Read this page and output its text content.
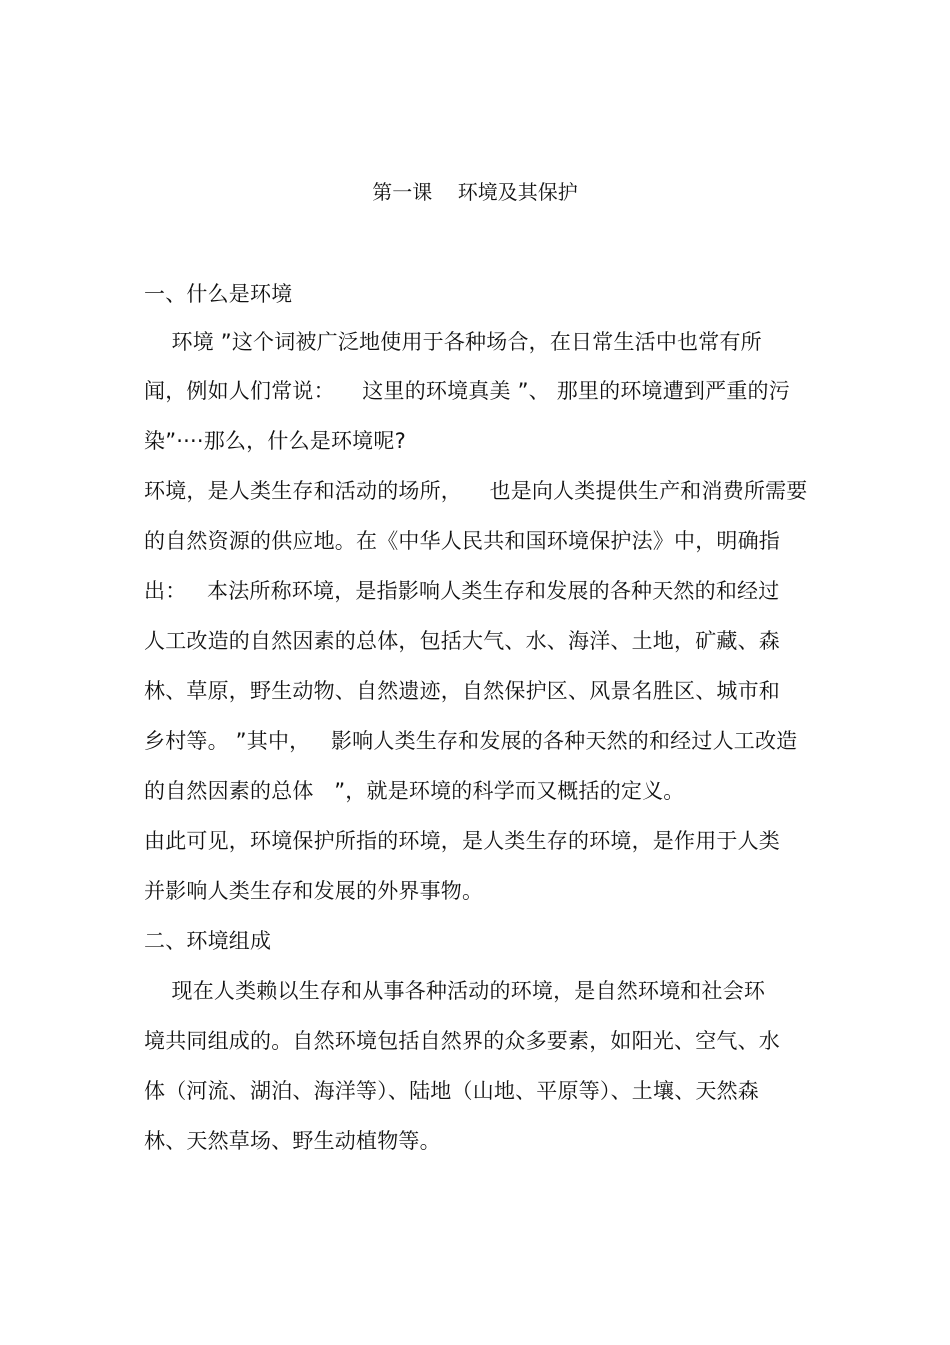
第一课    环境及其保护
一、什么是环境
环境 ”这个词被广泛地使用于各种场合，在日常生活中也常有所
闻，例如人们常说：    这里的环境真美 ”、 那里的环境遭到严重的污
染”····那么，什么是环境呢?
环境，是人类生存和活动的场所，    也是向人类提供生产和消费所需要
的自然资源的供应地。在《中华人民共和国环境保护法》中，明确指
出：   本法所称环境，是指影响人类生存和发展的各种天然的和经过
人工改造的自然因素的总体，包括大气、水、海洋、土地，矿藏、森
林、草原，野生动物、自然遗迹，自然保护区、风景名胜区、城市和
乡村等。 ”其中，   影响人类生存和发展的各种天然的和经过人工改造
的自然因素的总体   ”，就是环境的科学而又概括的定义。
由此可见，环境保护所指的环境，是人类生存的环境，是作用于人类
并影响人类生存和发展的外界事物。
二、环境组成
现在人类赖以生存和从事各种活动的环境，是自然环境和社会环
境共同组成的。自然环境包括自然界的众多要素，如阳光、空气、水
体（河流、湖泊、海洋等）、陆地（山地、平原等）、土壤、天然森
林、天然草场、野生动植物等。
